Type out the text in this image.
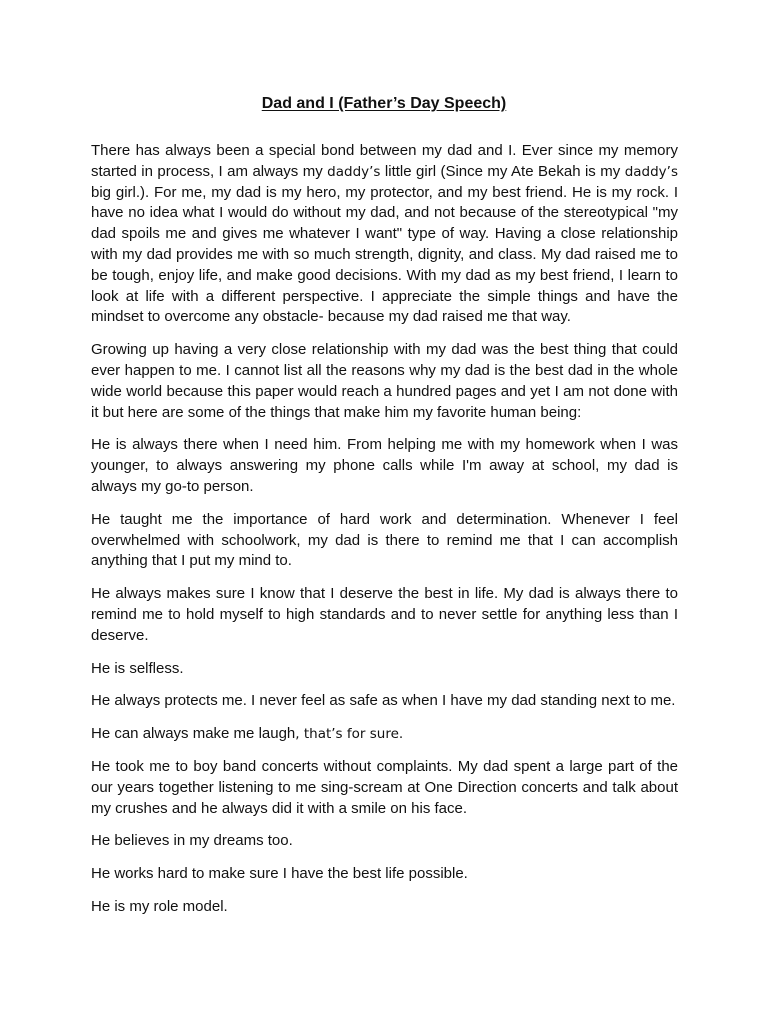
Dad and I (Father’s Day Speech)

There has always been a special bond between my dad and I. Ever since my memory started in process, I am always my daddy’s little girl (Since my Ate Bekah is my daddy’s big girl.). For me, my dad is my hero, my protector, and my best friend. He is my rock. I have no idea what I would do without my dad, and not because of the stereotypical "my dad spoils me and gives me whatever I want" type of way. Having a close relationship with my dad provides me with so much strength, dignity, and class. My dad raised me to be tough, enjoy life, and make good decisions. With my dad as my best friend, I learn to look at life with a different perspective. I appreciate the simple things and have the mindset to overcome any obstacle- because my dad raised me that way.

Growing up having a very close relationship with my dad was the best thing that could ever happen to me. I cannot list all the reasons why my dad is the best dad in the whole wide world because this paper would reach a hundred pages and yet I am not done with it but here are some of the things that make him my favorite human being:

He is always there when I need him. From helping me with my homework when I was younger, to always answering my phone calls while I'm away at school, my dad is always my go-to person.

He taught me the importance of hard work and determination. Whenever I feel overwhelmed with schoolwork, my dad is there to remind me that I can accomplish anything that I put my mind to.

He always makes sure I know that I deserve the best in life. My dad is always there to remind me to hold myself to high standards and to never settle for anything less than I deserve.

He is selfless.

He always protects me. I never feel as safe as when I have my dad standing next to me.

He can always make me laugh, that’s for sure.

He took me to boy band concerts without complaints. My dad spent a large part of the our years together listening to me sing-scream at One Direction concerts and talk about my crushes and he always did it with a smile on his face.

He believes in my dreams too.

He works hard to make sure I have the best life possible.

He is my role model.
